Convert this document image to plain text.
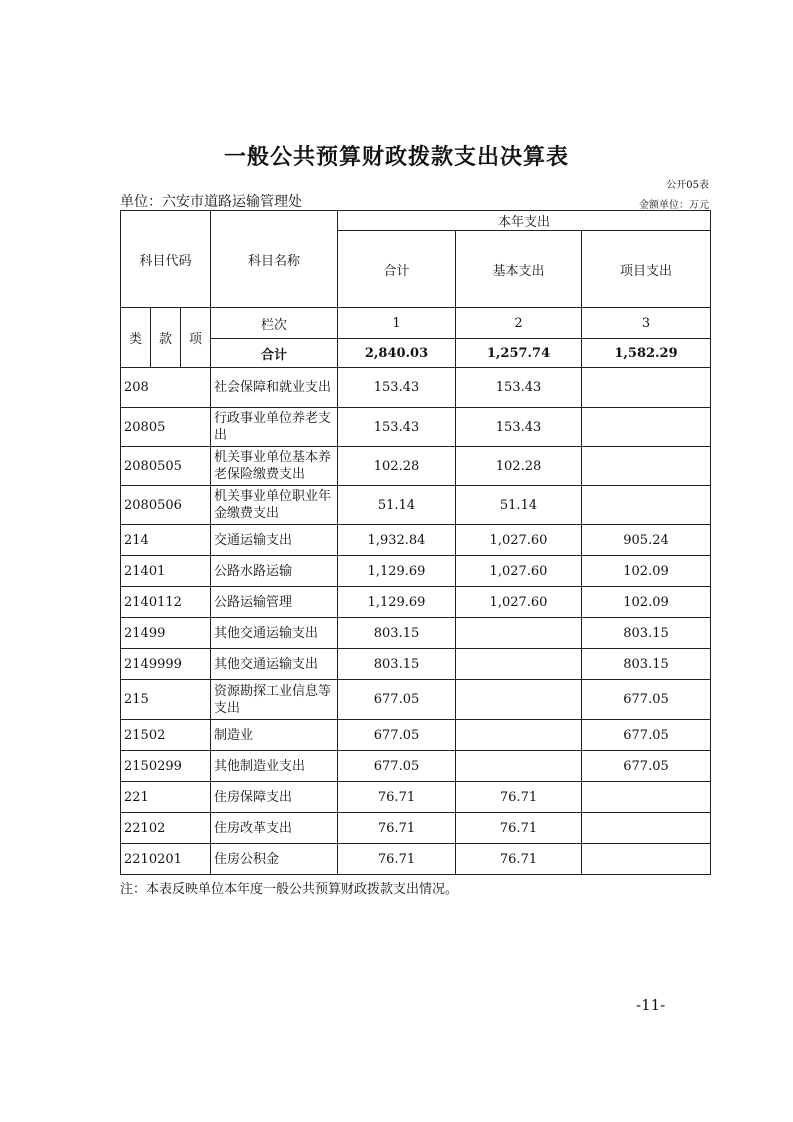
一般公共预算财政拨款支出决算表
公开05表
单位：六安市道路运输管理处	金额单位：万元
科目代码			科目名称	本年支出		
				合计	基本支出	项目支出
类	款	项	栏次	1	2	3
			合计	2,840.03	1,257.74	1,582.29
208			社会保障和就业支出	153.43	153.43	
20805			行政事业单位养老支出	153.43	153.43	
2080505			机关事业单位基本养老保险缴费支出	102.28	102.28	
2080506			机关事业单位职业年金缴费支出	51.14	51.14	
214			交通运输支出	1,932.84	1,027.60	905.24
21401			公路水路运输	1,129.69	1,027.60	102.09
2140112			公路运输管理	1,129.69	1,027.60	102.09
21499			其他交通运输支出	803.15		803.15
2149999			其他交通运输支出	803.15		803.15
215			资源勘探工业信息等支出	677.05		677.05
21502			制造业	677.05		677.05
2150299			其他制造业支出	677.05		677.05
221			住房保障支出	76.71	76.71	
22102			住房改革支出	76.71	76.71	
2210201			住房公积金	76.71	76.71	
注：本表反映单位本年度一般公共预算财政拨款支出情况。
-11-
